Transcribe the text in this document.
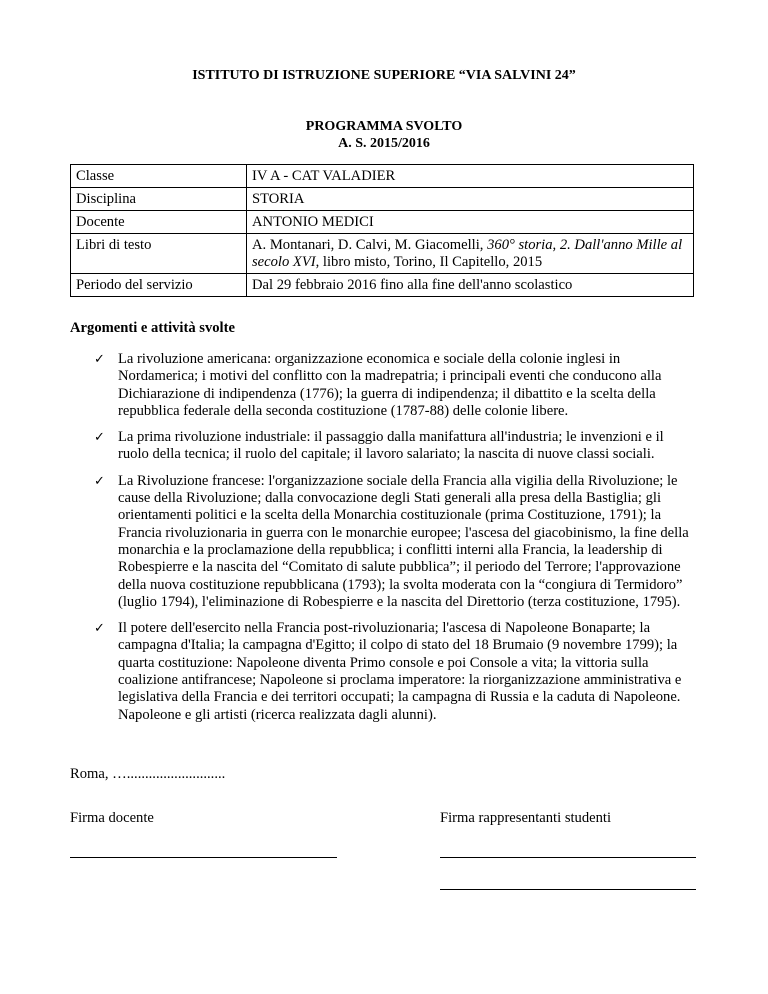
ISTITUTO DI ISTRUZIONE SUPERIORE “VIA SALVINI 24”
PROGRAMMA SVOLTO
A. S. 2015/2016
Classe	IV A - CAT VALADIER
Disciplina	STORIA
Docente	ANTONIO MEDICI
Libri di testo	A. Montanari, D. Calvi, M. Giacomelli, 360° storia, 2. Dall'anno Mille al secolo XVI, libro misto, Torino, Il Capitello, 2015
Periodo del servizio	Dal 29 febbraio 2016 fino alla fine dell'anno scolastico
Argomenti e attività svolte
✓ La rivoluzione americana: organizzazione economica e sociale della colonie inglesi in Nordamerica; i motivi del conflitto con la madrepatria; i principali eventi che conducono alla Dichiarazione di indipendenza (1776); la guerra di indipendenza; il dibattito e la scelta della repubblica federale della seconda costituzione (1787-88) delle colonie libere.
✓ La prima rivoluzione industriale: il passaggio dalla manifattura all'industria; le invenzioni e il ruolo della tecnica; il ruolo del capitale; il lavoro salariato; la nascita di nuove classi sociali.
✓ La Rivoluzione francese: l'organizzazione sociale della Francia alla vigilia della Rivoluzione; le cause della Rivoluzione; dalla convocazione degli Stati generali alla presa della Bastiglia; gli orientamenti politici e la scelta della Monarchia costituzionale (prima Costituzione, 1791); la Francia rivoluzionaria in guerra con le monarchie europee; l'ascesa del giacobinismo, la fine della monarchia e la proclamazione della repubblica; i conflitti interni alla Francia, la leadership di Robespierre e la nascita del “Comitato di salute pubblica”; il periodo del Terrore; l'approvazione della nuova costituzione repubblicana (1793); la svolta moderata con la “congiura di Termidoro” (luglio 1794), l'eliminazione di Robespierre e la nascita del Direttorio (terza costituzione, 1795).
✓ Il potere dell'esercito nella Francia post-rivoluzionaria; l'ascesa di Napoleone Bonaparte; la campagna d'Italia; la campagna d'Egitto; il colpo di stato del 18 Brumaio (9 novembre 1799); la quarta costituzione: Napoleone diventa Primo console e poi Console a vita; la vittoria sulla coalizione antifrancese; Napoleone si proclama imperatore: la riorganizzazione amministrativa e legislativa della Francia e dei territori occupati; la campagna di Russia e la caduta di Napoleone. Napoleone e gli artisti (ricerca realizzata dagli alunni).
Roma, …...........................
Firma docente	Firma rappresentanti studenti
